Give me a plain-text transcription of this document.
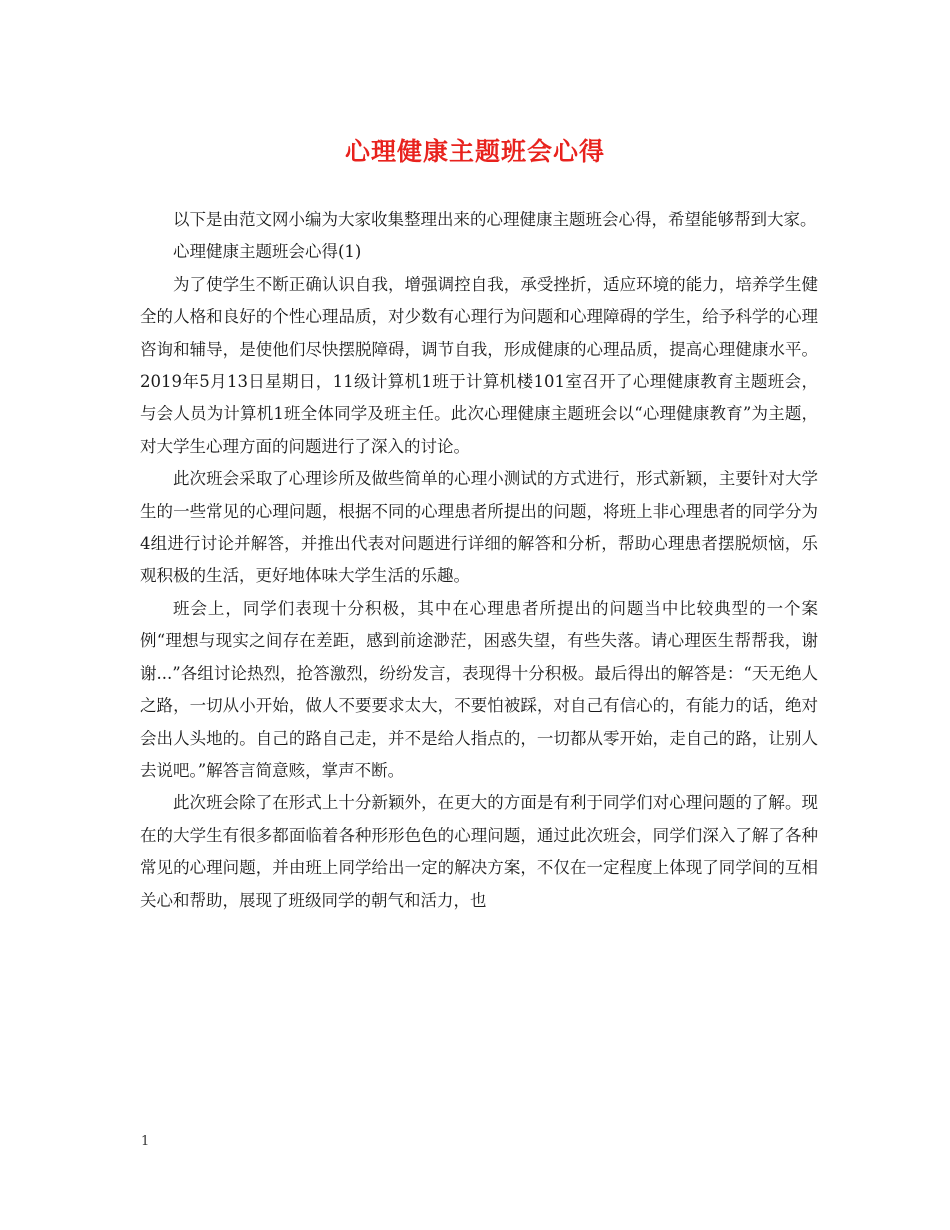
心理健康主题班会心得

以下是由范文网小编为大家收集整理出来的心理健康主题班会心得，希望能够帮到大家。

心理健康主题班会心得(1)

为了使学生不断正确认识自我，增强调控自我，承受挫折，适应环境的能力，培养学生健全的人格和良好的个性心理品质，对少数有心理行为问题和心理障碍的学生，给予科学的心理咨询和辅导，是使他们尽快摆脱障碍，调节自我，形成健康的心理品质，提高心理健康水平。2019年5月13日星期日，11级计算机1班于计算机楼101室召开了心理健康教育主题班会，与会人员为计算机1班全体同学及班主任。此次心理健康主题班会以“心理健康教育”为主题，对大学生心理方面的问题进行了深入的讨论。

此次班会采取了心理诊所及做些简单的心理小测试的方式进行，形式新颖，主要针对大学生的一些常见的心理问题，根据不同的心理患者所提出的问题，将班上非心理患者的同学分为4组进行讨论并解答，并推出代表对问题进行详细的解答和分析，帮助心理患者摆脱烦恼，乐观积极的生活，更好地体味大学生活的乐趣。

班会上，同学们表现十分积极，其中在心理患者所提出的问题当中比较典型的一个案例“理想与现实之间存在差距，感到前途渺茫，困惑失望，有些失落。请心理医生帮帮我，谢谢...”各组讨论热烈，抢答激烈，纷纷发言，表现得十分积极。最后得出的解答是：“天无绝人之路，一切从小开始，做人不要要求太大，不要怕被踩，对自己有信心的，有能力的话，绝对会出人头地的。自己的路自己走，并不是给人指点的，一切都从零开始，走自己的路，让别人去说吧。”解答言简意赅，掌声不断。

此次班会除了在形式上十分新颖外，在更大的方面是有利于同学们对心理问题的了解。现在的大学生有很多都面临着各种形形色色的心理问题，通过此次班会，同学们深入了解了各种常见的心理问题，并由班上同学给出一定的解决方案，不仅在一定程度上体现了同学间的互相关心和帮助，展现了班级同学的朝气和活力，也

1
